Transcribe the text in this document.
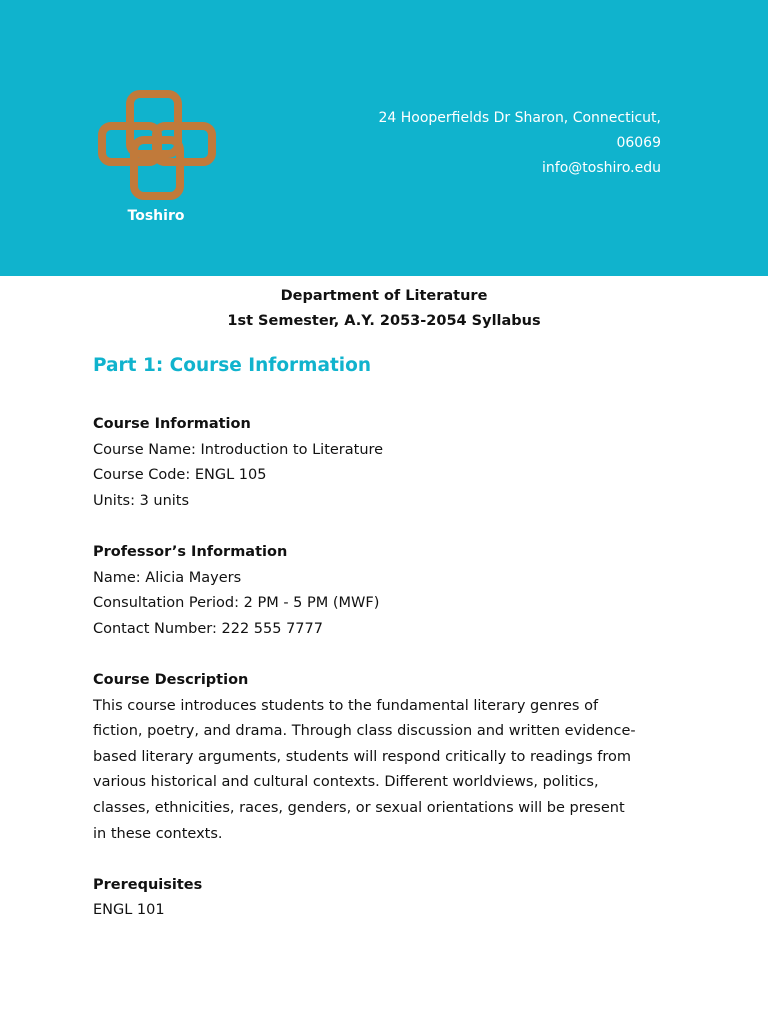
Toshiro
24 Hooperfields Dr Sharon, Connecticut,
06069
info@toshiro.edu
Department of Literature
1st Semester, A.Y. 2053-2054 Syllabus
Part 1: Course Information
Course Information
Course Name: Introduction to Literature
Course Code: ENGL 105
Units: 3 units
Professor’s Information
Name: Alicia Mayers
Consultation Period: 2 PM - 5 PM (MWF)
Contact Number: 222 555 7777
Course Description
This course introduces students to the fundamental literary genres of
fiction, poetry, and drama. Through class discussion and written evidence-
based literary arguments, students will respond critically to readings from
various historical and cultural contexts. Different worldviews, politics,
classes, ethnicities, races, genders, or sexual orientations will be present
in these contexts.
Prerequisites
ENGL 101
